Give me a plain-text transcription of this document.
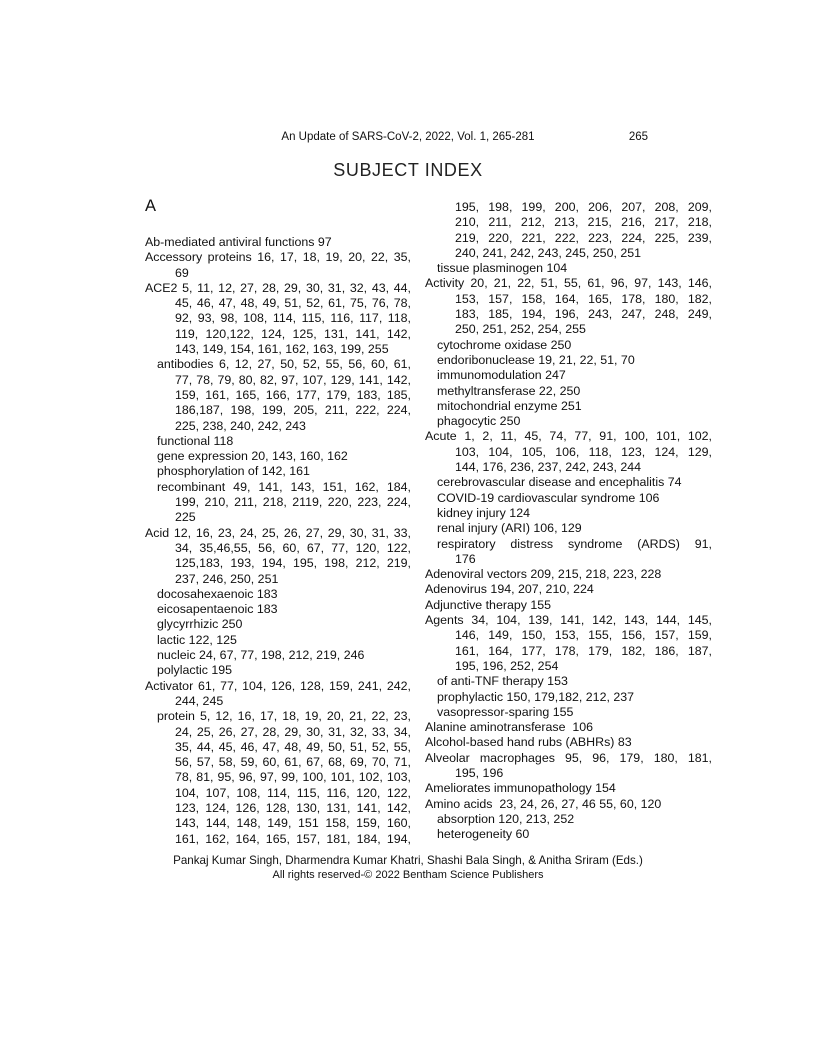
An Update of SARS-CoV-2, 2022, Vol. 1, 265-281	265
SUBJECT INDEX
A
Ab-mediated antiviral functions 97
Accessory proteins 16, 17, 18, 19, 20, 22, 35,
69
ACE2 5, 11, 12, 27, 28, 29, 30, 31, 32, 43, 44,
45, 46, 47, 48, 49, 51, 52, 61, 75, 76, 78,
92, 93, 98, 108, 114, 115, 116, 117, 118,
119, 120,122, 124, 125, 131, 141, 142,
143, 149, 154, 161, 162, 163, 199, 255
antibodies 6, 12, 27, 50, 52, 55, 56, 60, 61,
77, 78, 79, 80, 82, 97, 107, 129, 141, 142,
159, 161, 165, 166, 177, 179, 183, 185,
186,187, 198, 199, 205, 211, 222, 224,
225, 238, 240, 242, 243
functional 118
gene expression 20, 143, 160, 162
phosphorylation of 142, 161
recombinant 49, 141, 143, 151, 162, 184,
199, 210, 211, 218, 2119, 220, 223, 224,
225
Acid 12, 16, 23, 24, 25, 26, 27, 29, 30, 31, 33,
34, 35,46,55, 56, 60, 67, 77, 120, 122,
125,183, 193, 194, 195, 198, 212, 219,
237, 246, 250, 251
docosahexaenoic 183
eicosapentaenoic 183
glycyrrhizic 250
lactic 122, 125
nucleic 24, 67, 77, 198, 212, 219, 246
polylactic 195
Activator 61, 77, 104, 126, 128, 159, 241, 242,
244, 245
protein 5, 12, 16, 17, 18, 19, 20, 21, 22, 23,
24, 25, 26, 27, 28, 29, 30, 31, 32, 33, 34,
35, 44, 45, 46, 47, 48, 49, 50, 51, 52, 55,
56, 57, 58, 59, 60, 61, 67, 68, 69, 70, 71,
78, 81, 95, 96, 97, 99, 100, 101, 102, 103,
104, 107, 108, 114, 115, 116, 120, 122,
123, 124, 126, 128, 130, 131, 141, 142,
143, 144, 148, 149, 151 158, 159, 160,
161, 162, 164, 165, 157, 181, 184, 194,
195, 198, 199, 200, 206, 207, 208, 209,
210, 211, 212, 213, 215, 216, 217, 218,
219, 220, 221, 222, 223, 224, 225, 239,
240, 241, 242, 243, 245, 250, 251
tissue plasminogen 104
Activity 20, 21, 22, 51, 55, 61, 96, 97, 143, 146,
153, 157, 158, 164, 165, 178, 180, 182,
183, 185, 194, 196, 243, 247, 248, 249,
250, 251, 252, 254, 255
cytochrome oxidase 250
endoribonuclease 19, 21, 22, 51, 70
immunomodulation 247
methyltransferase 22, 250
mitochondrial enzyme 251
phagocytic 250
Acute 1, 2, 11, 45, 74, 77, 91, 100, 101, 102,
103, 104, 105, 106, 118, 123, 124, 129,
144, 176, 236, 237, 242, 243, 244
cerebrovascular disease and encephalitis 74
COVID-19 cardiovascular syndrome 106
kidney injury 124
renal injury (ARI) 106, 129
respiratory distress syndrome (ARDS) 91,
176
Adenoviral vectors 209, 215, 218, 223, 228
Adenovirus 194, 207, 210, 224
Adjunctive therapy 155
Agents 34, 104, 139, 141, 142, 143, 144, 145,
146, 149, 150, 153, 155, 156, 157, 159,
161, 164, 177, 178, 179, 182, 186, 187,
195, 196, 252, 254
of anti-TNF therapy 153
prophylactic 150, 179,182, 212, 237
vasopressor-sparing 155
Alanine aminotransferase  106
Alcohol-based hand rubs (ABHRs) 83
Alveolar macrophages 95, 96, 179, 180, 181,
195, 196
Ameliorates immunopathology 154
Amino acids  23, 24, 26, 27, 46 55, 60, 120
absorption 120, 213, 252
heterogeneity 60
Pankaj Kumar Singh, Dharmendra Kumar Khatri, Shashi Bala Singh, & Anitha Sriram (Eds.)
All rights reserved-© 2022 Bentham Science Publishers
